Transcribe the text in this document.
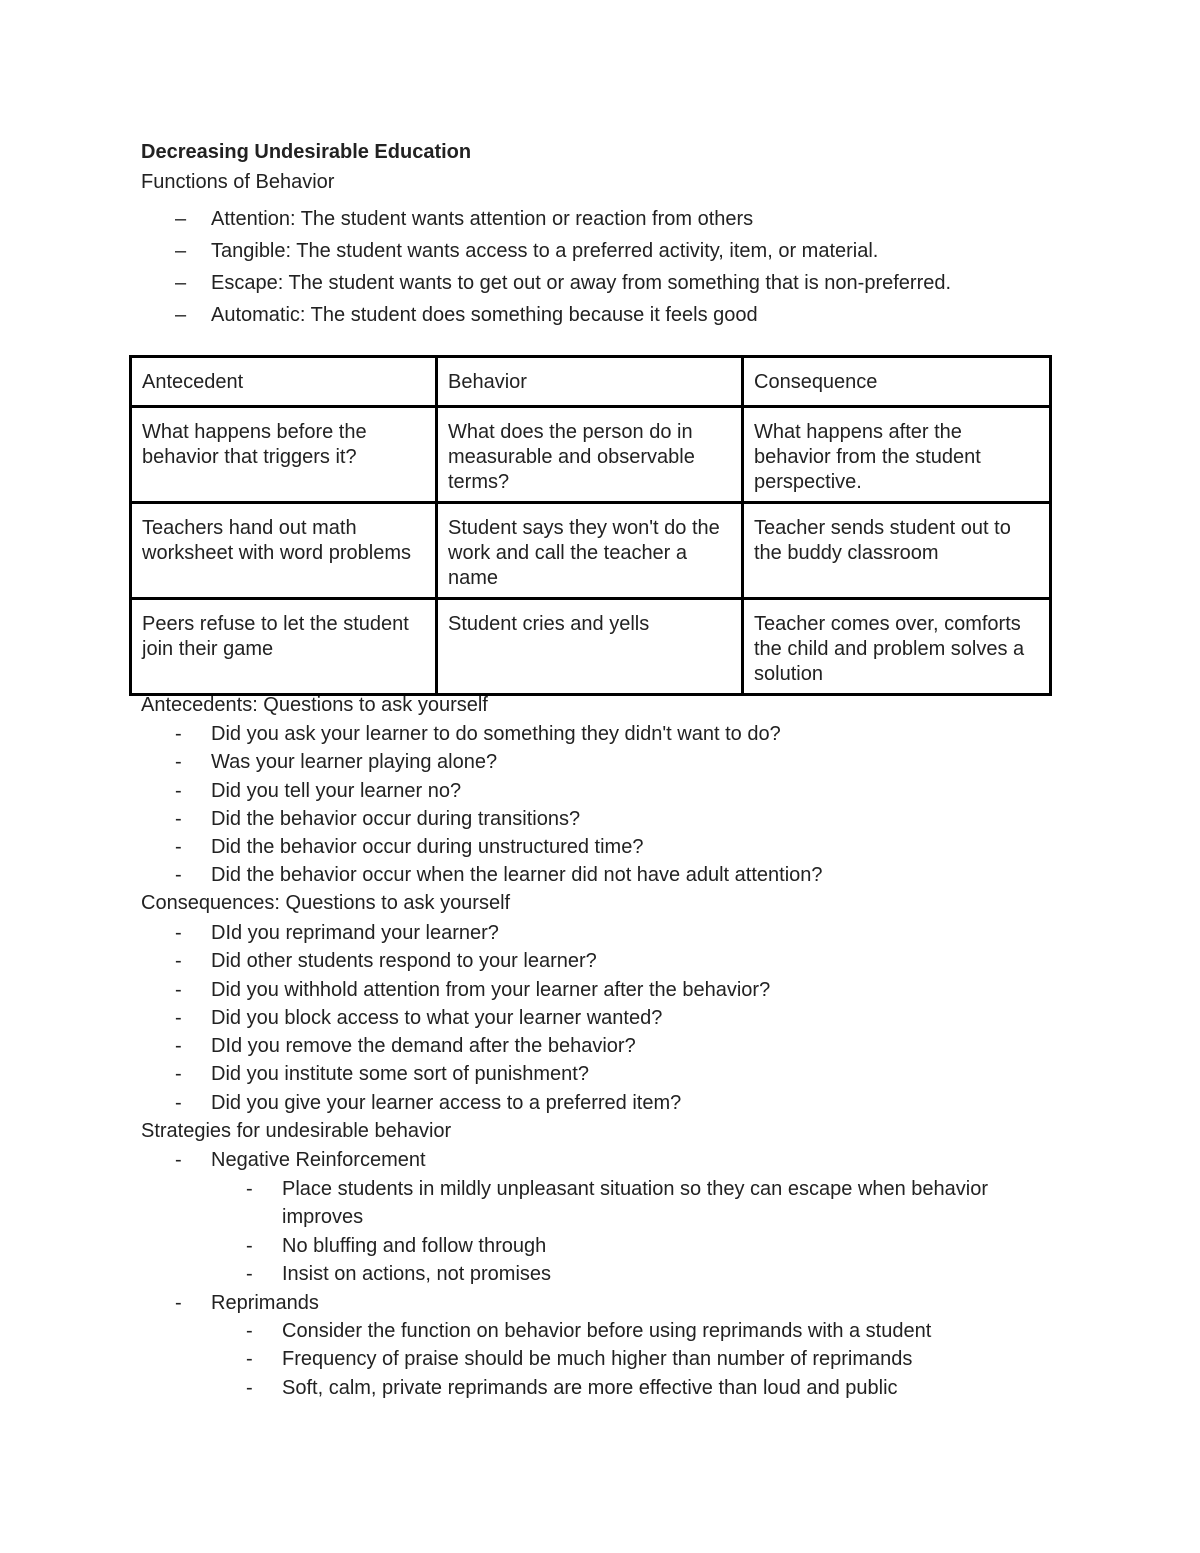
Decreasing Undesirable Education
Functions of Behavior
– Attention: The student wants attention or reaction from others
– Tangible: The student wants access to a preferred activity, item, or material.
– Escape: The student wants to get out or away from something that is non-preferred.
– Automatic: The student does something because it feels good
Antecedent	Behavior	Consequence
What happens before the behavior that triggers it?	What does the person do in measurable and observable terms?	What happens after the behavior from the student perspective.
Teachers hand out math worksheet with word problems	Student says they won't do the work and call the teacher a name	Teacher sends student out to the buddy classroom
Peers refuse to let the student join their game	Student cries and yells	Teacher comes over, comforts the child and problem solves a solution
Antecedents: Questions to ask yourself
- Did you ask your learner to do something they didn't want to do?
- Was your learner playing alone?
- Did you tell your learner no?
- Did the behavior occur during transitions?
- Did the behavior occur during unstructured time?
- Did the behavior occur when the learner did not have adult attention?
Consequences: Questions to ask yourself
- DId you reprimand your learner?
- Did other students respond to your learner?
- Did you withhold attention from your learner after the behavior?
- Did you block access to what your learner wanted?
- DId you remove the demand after the behavior?
- Did you institute some sort of punishment?
- Did you give your learner access to a preferred item?
Strategies for undesirable behavior
- Negative Reinforcement
- Place students in mildly unpleasant situation so they can escape when behavior improves
- No bluffing and follow through
- Insist on actions, not promises
- Reprimands
- Consider the function on behavior before using reprimands with a student
- Frequency of praise should be much higher than number of reprimands
- Soft, calm, private reprimands are more effective than loud and public
